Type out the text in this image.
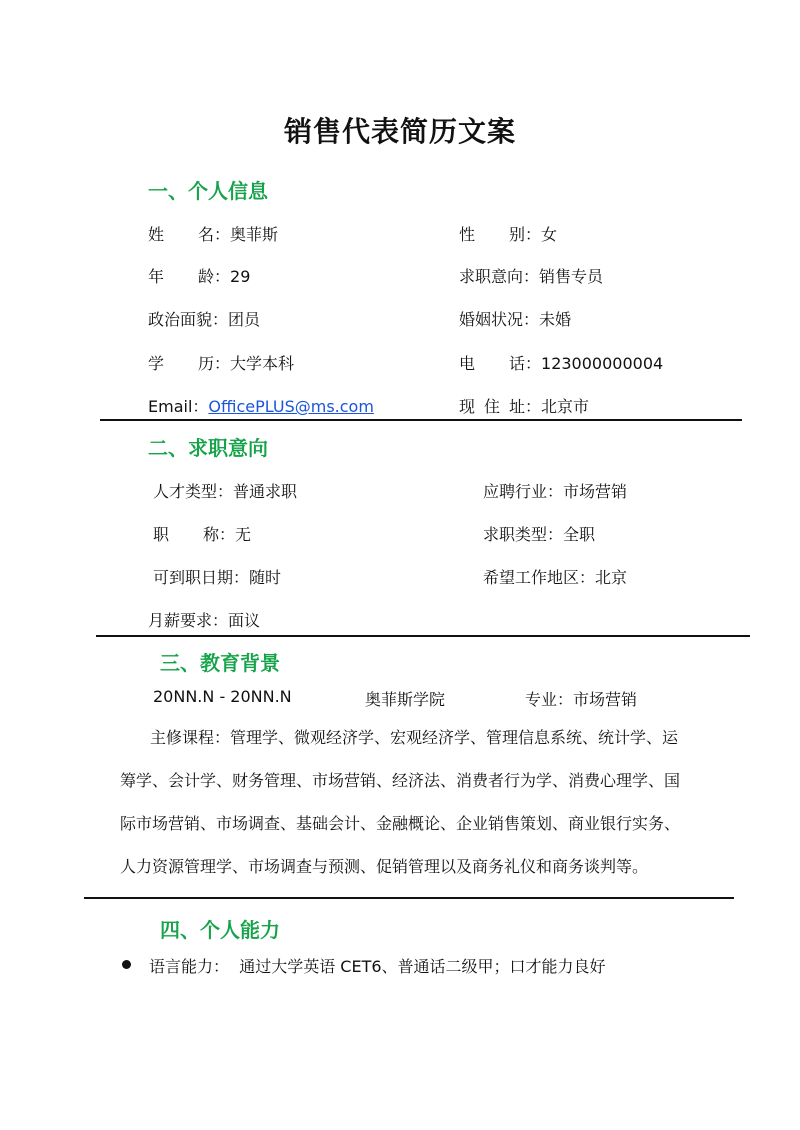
销售代表简历文案
一、个人信息
姓 名 ：奥菲斯	性 别 ：女
年 龄 ：29	求职意向：销售专员
政治面貌：团员	婚姻状况：未婚
学 历 ：大学本科	电 话 ：123000000004
Email：OfficePLUS@ms.com	现 住 址 ：北京市
二、求职意向
人才类型：普通求职	应聘行业：市场营销
职 称 ：无	求职类型：全职
可到职日期：随时	希望工作地区：北京
月薪要求：面议
三、教育背景
20NN.N - 20NN.N	奥菲斯学院	专业：市场营销
主修课程：管理学、微观经济学、宏观经济学、管理信息系统、统计学、运筹学、会计学、财务管理、市场营销、经济法、消费者行为学、消费心理学、国际市场营销、市场调查、基础会计、金融概论、企业销售策划、商业银行实务、人力资源管理学、市场调查与预测、促销管理以及商务礼仪和商务谈判等。
四、个人能力
语言能力： 通过大学英语 CET6、普通话二级甲；口才能力良好
